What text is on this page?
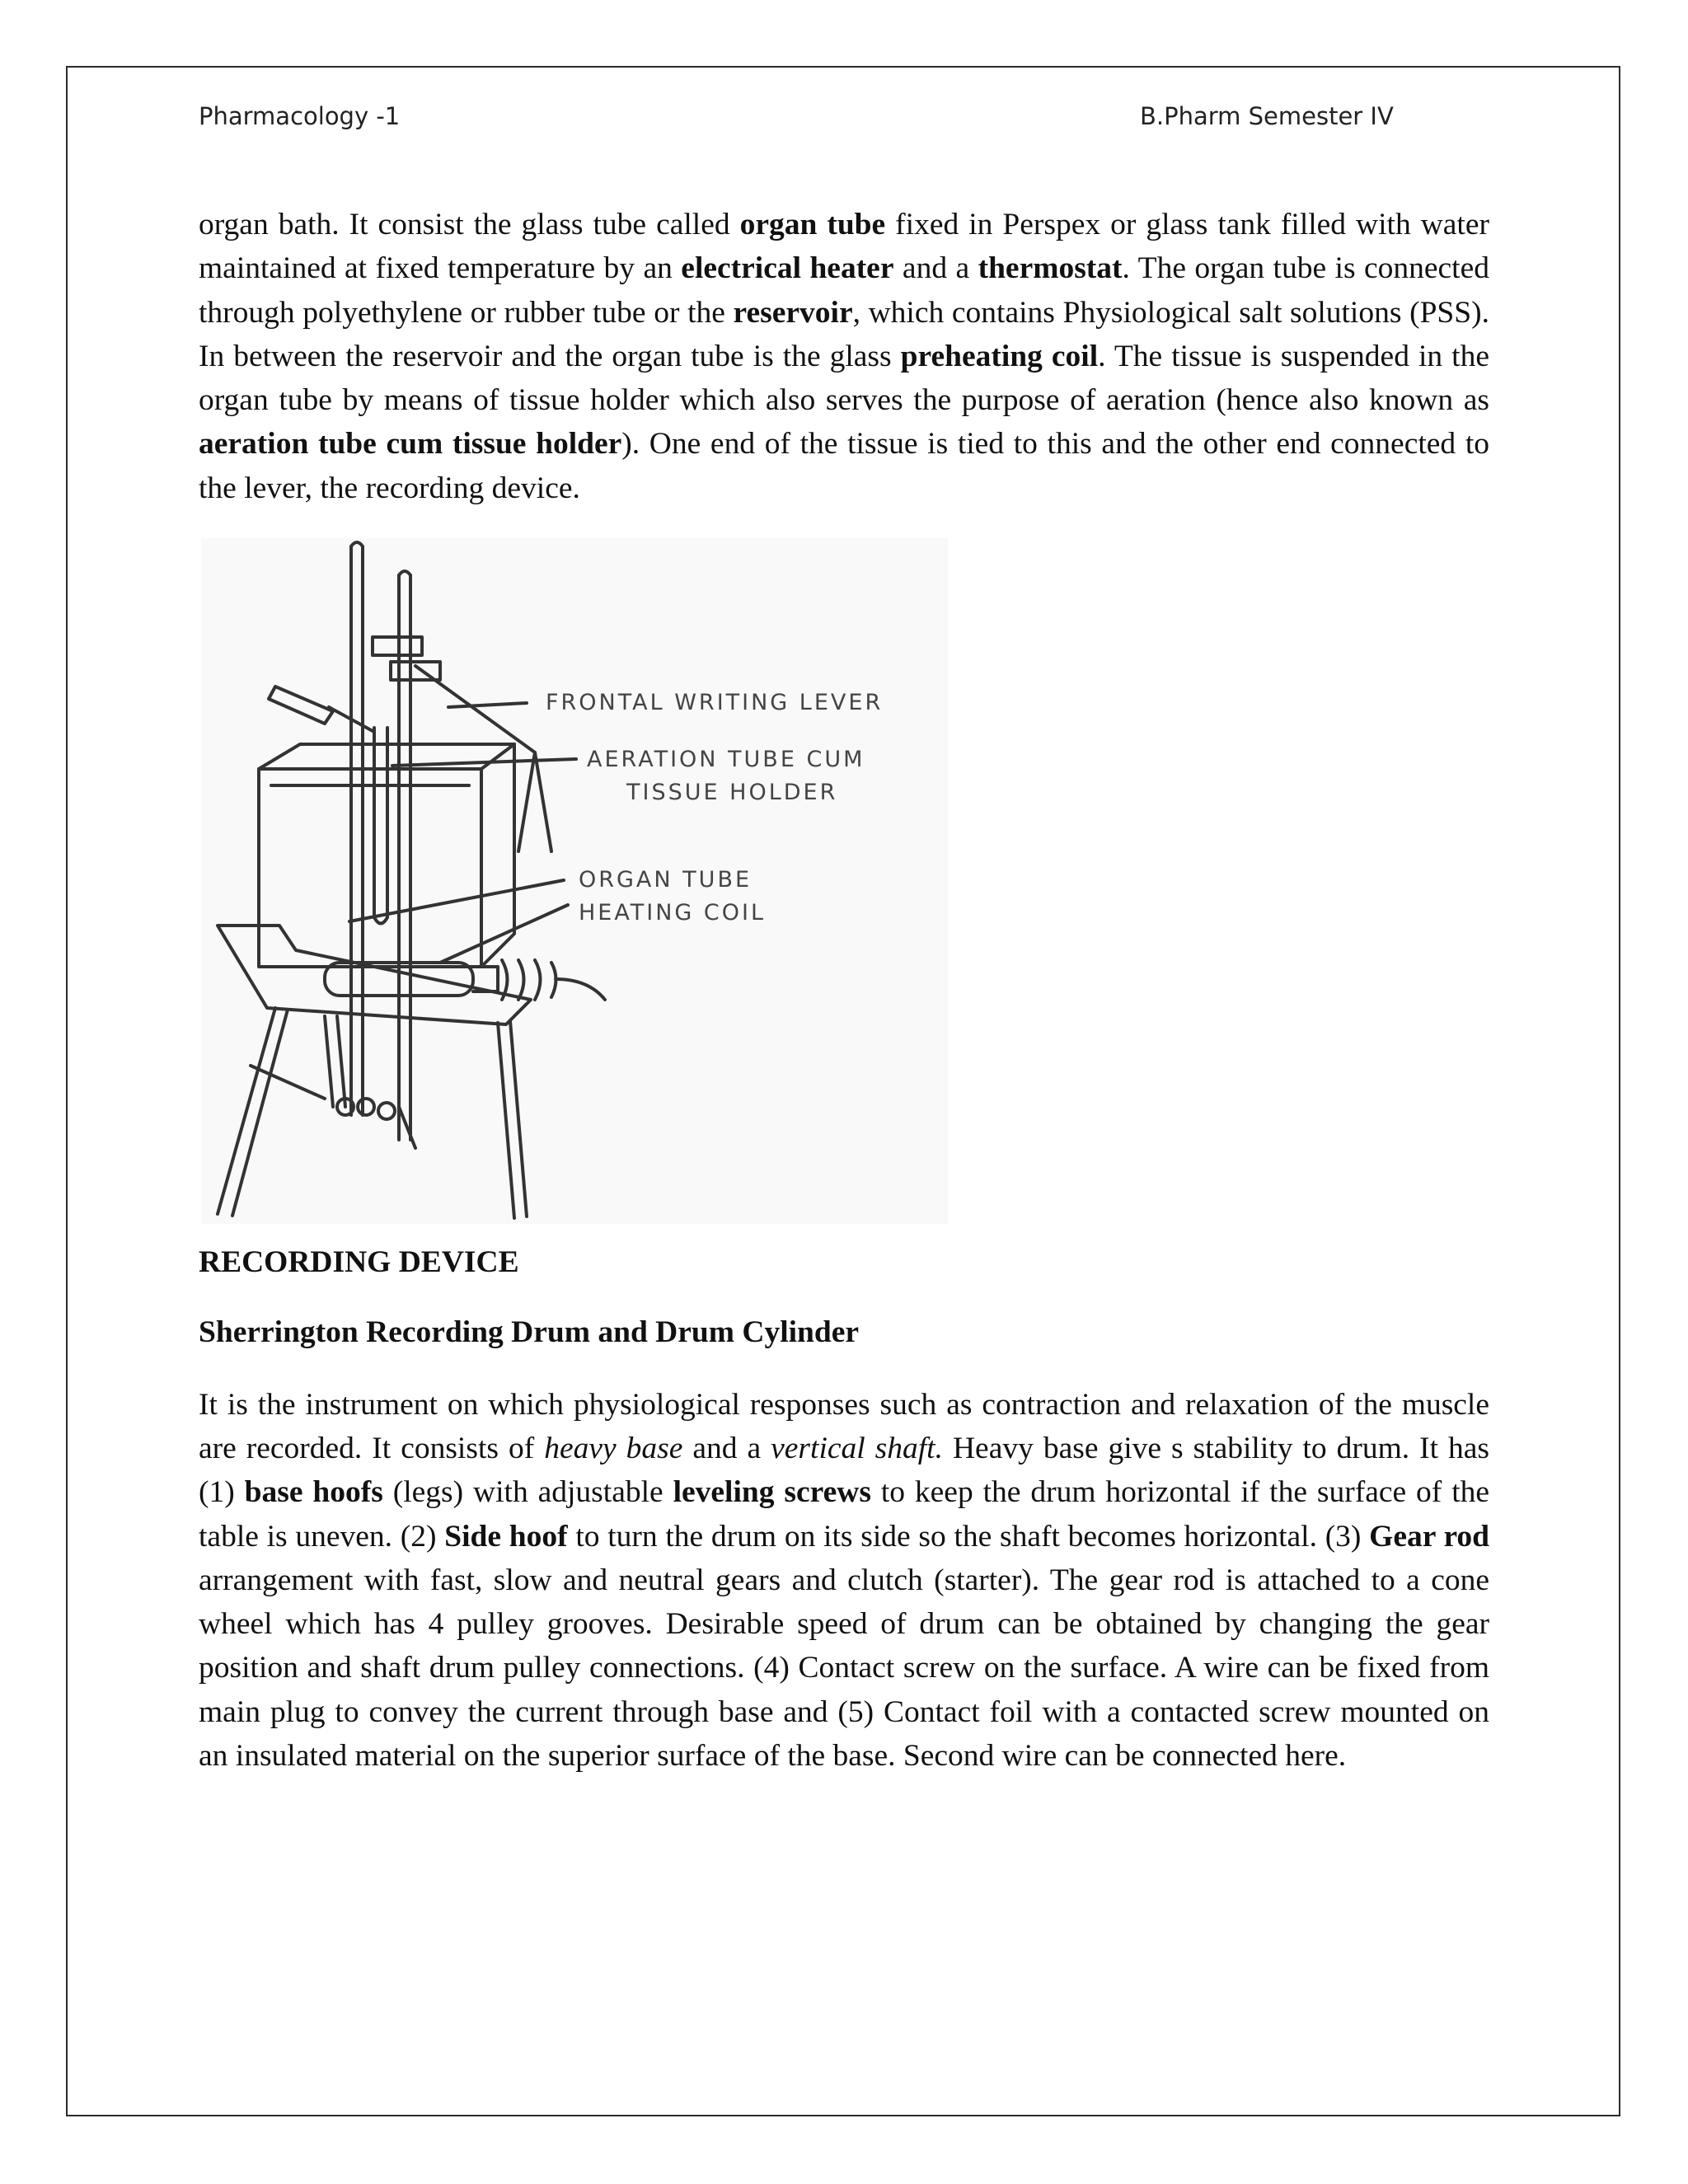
Pharmacology -1	B.Pharm Semester IV

organ bath. It consist the glass tube called organ tube fixed in Perspex or glass tank filled with water maintained at fixed temperature by an electrical heater and a thermostat. The organ tube is connected through polyethylene or rubber tube or the reservoir, which contains Physiological salt solutions (PSS). In between the reservoir and the organ tube is the glass preheating coil. The tissue is suspended in the organ tube by means of tissue holder which also serves the purpose of aeration (hence also known as aeration tube cum tissue holder). One end of the tissue is tied to this and the other end connected to the lever, the recording device.

FRONTAL WRITING LEVER
AERATION TUBE CUM
TISSUE HOLDER
ORGAN TUBE
HEATING COIL

RECORDING DEVICE

Sherrington Recording Drum and Drum Cylinder

It is the instrument on which physiological responses such as contraction and relaxation of the muscle are recorded. It consists of heavy base and a vertical shaft. Heavy base give s stability to drum. It has (1) base hoofs (legs) with adjustable leveling screws to keep the drum horizontal if the surface of the table is uneven. (2) Side hoof to turn the drum on its side so the shaft becomes horizontal. (3) Gear rod arrangement with fast, slow and neutral gears and clutch (starter). The gear rod is attached to a cone wheel which has 4 pulley grooves. Desirable speed of drum can be obtained by changing the gear position and shaft drum pulley connections. (4) Contact screw on the surface. A wire can be fixed from main plug to convey the current through base and (5) Contact foil with a contacted screw mounted on an insulated material on the superior surface of the base. Second wire can be connected here.
